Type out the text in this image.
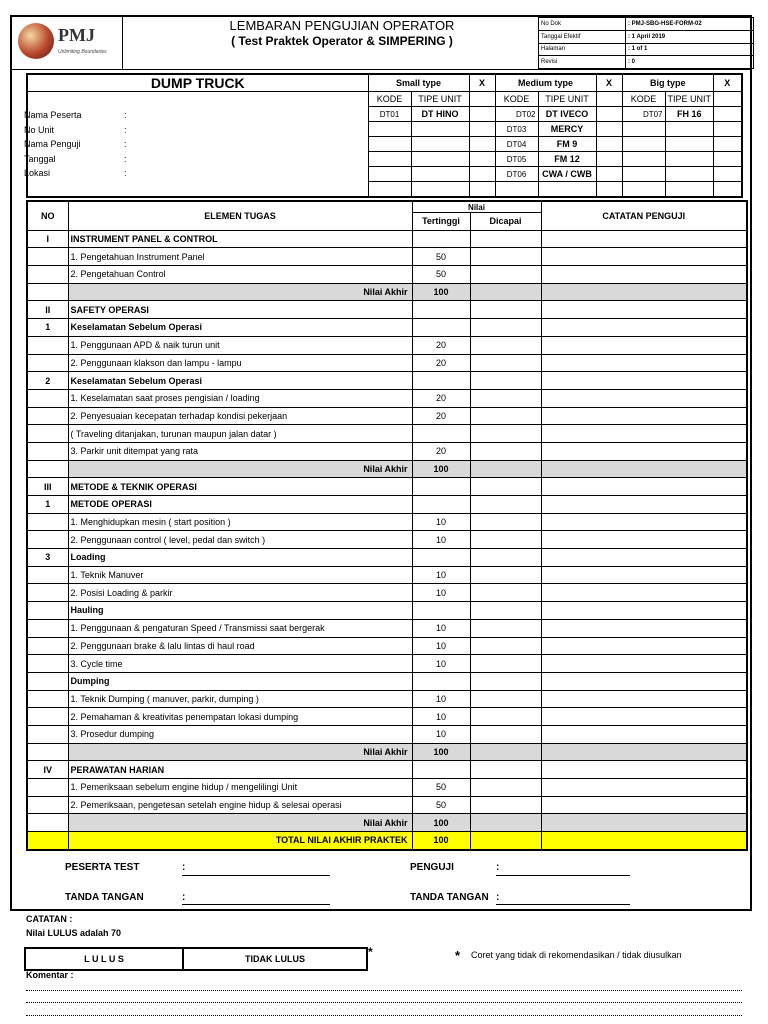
PMJ
Unlimiting Boundaries
LEMBARAN PENGUJIAN OPERATOR
( Test Praktek Operator & SIMPERING )
No Dok	: PMJ-SBG-HSE-FORM-02
Tanggal Efektif	: 1 April 2019
Halaman	: 1 of 1
Revisi	: 0
DUMP TRUCK	Small type		X	Medium type		X	Big type		X
	KODE	TIPE UNIT		KODE	TIPE UNIT		KODE	TIPE UNIT	
	DT01	DT HINO		DT02	DT IVECO		DT07	FH 16	
				DT03	MERCY				
				DT04	FM 9				
				DT05	FM 12				
				DT06	CWA / CWB				

Nama Peserta	:
No Unit	:
Nama Penguji	:
Tanggal	:
Lokasi	:
NO	ELEMEN TUGAS	Nilai		CATATAN PENGUJI
		Tertinggi	Dicapai	
I	INSTRUMENT PANEL & CONTROL			
	1. Pengetahuan Instrument Panel	50		
	2. Pengetahuan Control	50		
	Nilai Akhir	100		
II	SAFETY OPERASI			
1	Keselamatan Sebelum Operasi			
	1. Penggunaan APD & naik turun unit	20		
	2. Penggunaan klakson dan lampu - lampu	20		
2	Keselamatan Sebelum Operasi			
	1. Keselamatan saat proses pengisian / loading	20		
	2. Penyesuaian kecepatan terhadap kondisi pekerjaan	20		
	( Traveling ditanjakan, turunan maupun jalan datar )			
	3. Parkir unit ditempat yang rata	20		
	Nilai Akhir	100		
III	METODE & TEKNIK OPERASI			
1	METODE OPERASI			
	1. Menghidupkan mesin ( start position )	10		
	2. Penggunaan control ( level, pedal dan switch )	10		
3	Loading			
	1. Teknik Manuver	10		
	2. Posisi Loading & parkir	10		
	Hauling			
	1. Penggunaan & pengaturan Speed / Transmissi saat bergerak	10		
	2. Penggunaan brake & lalu lintas di haul road	10		
	3. Cycle time	10		
	Dumping			
	1. Teknik Dumping ( manuver, parkir, dumping )	10		
	2. Pemahaman & kreativitas penempatan lokasi dumping	10		
	3. Prosedur dumping	10		
	Nilai Akhir	100		
IV	PERAWATAN HARIAN			
	1. Pemeriksaan sebelum engine hidup / mengelilingi Unit	50		
	2. Pemeriksaan, pengetesan setelah engine hidup & selesai operasi	50		
	Nilai Akhir	100		
	TOTAL NILAI AKHIR PRAKTEK	100		
PESERTA TEST	:	PENGUJI	:
TANDA TANGAN	:	TANDA TANGAN :
CATATAN :
Nilai LULUS adalah 70
L U L U S	TIDAK LULUS	*	* Coret yang tidak di rekomendasikan / tidak diusulkan
Komentar :
